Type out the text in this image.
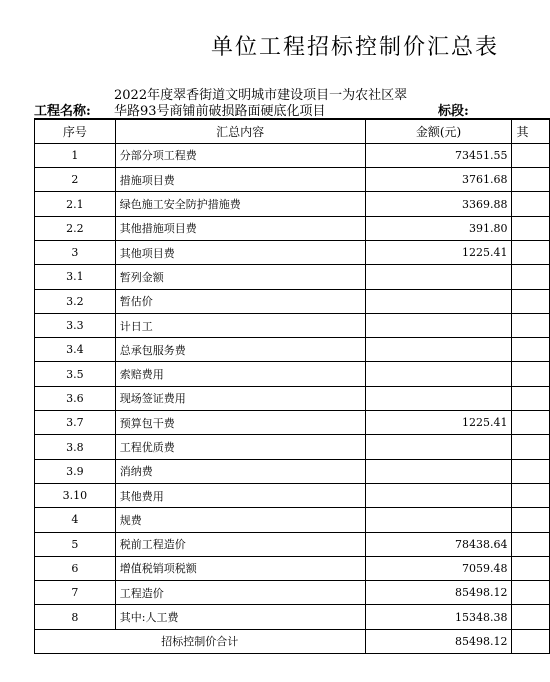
单位工程招标控制价汇总表
2022年度翠香街道文明城市建设项目一为农社区翠
工程名称: 华路93号商铺前破损路面硬底化项目	标段:
序号	汇总内容	金额(元)	其
1	分部分项工程费	73451.55	
2	措施项目费	3761.68	
2.1	绿色施工安全防护措施费	3369.88	
2.2	其他措施项目费	391.80	
3	其他项目费	1225.41	
3.1	暂列金额		
3.2	暂估价		
3.3	计日工		
3.4	总承包服务费		
3.5	索赔费用		
3.6	现场签证费用		
3.7	预算包干费	1225.41	
3.8	工程优质费		
3.9	消纳费		
3.10	其他费用		
4	规费		
5	税前工程造价	78438.64	
6	增值税销项税额	7059.48	
7	工程造价	85498.12	
8	其中:人工费	15348.38	
招标控制价合计		85498.12	
